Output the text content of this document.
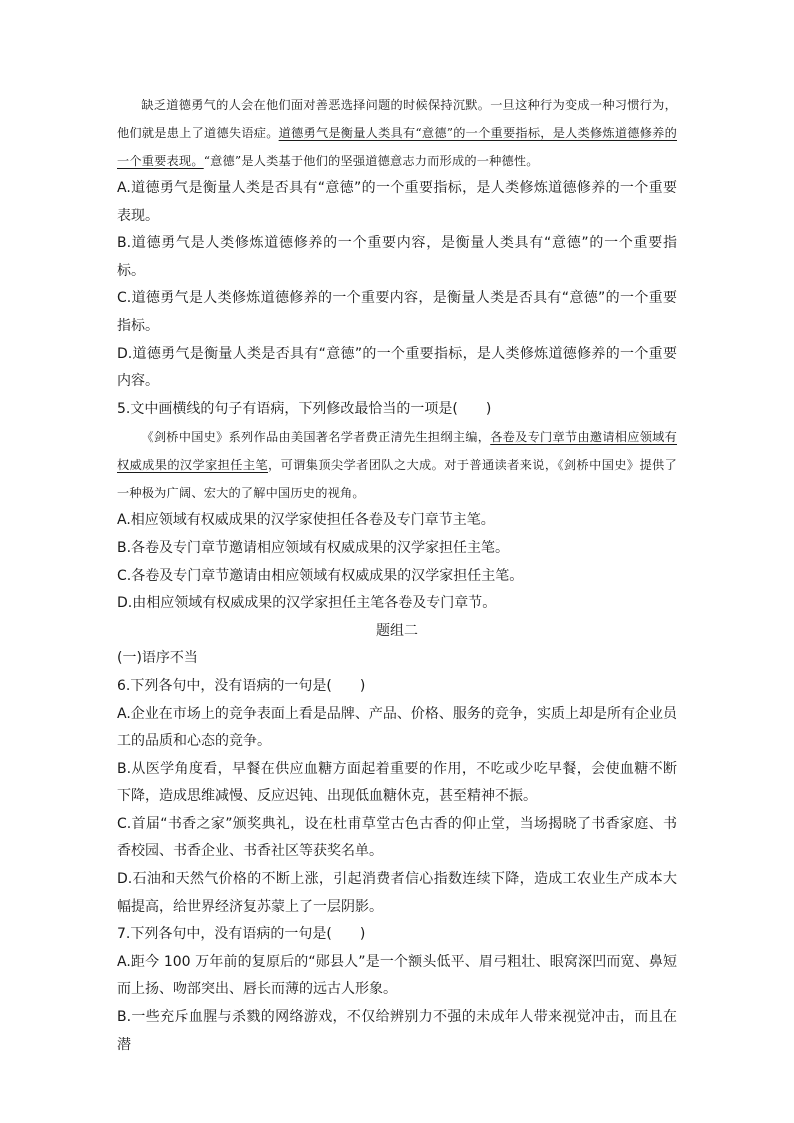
缺乏道德勇气的人会在他们面对善恶选择问题的时候保持沉默。一旦这种行为变成一种习惯行为，他们就是患上了道德失语症。道德勇气是衡量人类具有“意德”的一个重要指标，是人类修炼道德修养的一个重要表现。“意德”是人类基于他们的坚强道德意志力而形成的一种德性。

A.道德勇气是衡量人类是否具有“意德”的一个重要指标，是人类修炼道德修养的一个重要表现。

B.道德勇气是人类修炼道德修养的一个重要内容，是衡量人类具有“意德”的一个重要指标。

C.道德勇气是人类修炼道德修养的一个重要内容，是衡量人类是否具有“意德”的一个重要指标。

D.道德勇气是衡量人类是否具有“意德”的一个重要指标，是人类修炼道德修养的一个重要内容。

5.文中画横线的句子有语病，下列修改最恰当的一项是(　　)

《剑桥中国史》系列作品由美国著名学者费正清先生担纲主编，各卷及专门章节由邀请相应领域有权威成果的汉学家担任主笔，可谓集顶尖学者团队之大成。对于普通读者来说，《剑桥中国史》提供了一种极为广阔、宏大的了解中国历史的视角。

A.相应领域有权威成果的汉学家使担任各卷及专门章节主笔。

B.各卷及专门章节邀请相应领域有权威成果的汉学家担任主笔。

C.各卷及专门章节邀请由相应领域有权威成果的汉学家担任主笔。

D.由相应领域有权威成果的汉学家担任主笔各卷及专门章节。

题组二

(一)语序不当

6.下列各句中，没有语病的一句是(　　)

A.企业在市场上的竞争表面上看是品牌、产品、价格、服务的竞争，实质上却是所有企业员工的品质和心态的竞争。

B.从医学角度看，早餐在供应血糖方面起着重要的作用，不吃或少吃早餐，会使血糖不断下降，造成思维减慢、反应迟钝、出现低血糖休克，甚至精神不振。

C.首届“书香之家”颁奖典礼，设在杜甫草堂古色古香的仰止堂，当场揭晓了书香家庭、书香校园、书香企业、书香社区等获奖名单。

D.石油和天然气价格的不断上涨，引起消费者信心指数连续下降，造成工农业生产成本大幅提高，给世界经济复苏蒙上了一层阴影。

7.下列各句中，没有语病的一句是(　　)

A.距今 100 万年前的复原后的“郧县人”是一个额头低平、眉弓粗壮、眼窝深凹而宽、鼻短而上扬、吻部突出、唇长而薄的远古人形象。

B.一些充斥血腥与杀戮的网络游戏，不仅给辨别力不强的未成年人带来视觉冲击，而且在潜
